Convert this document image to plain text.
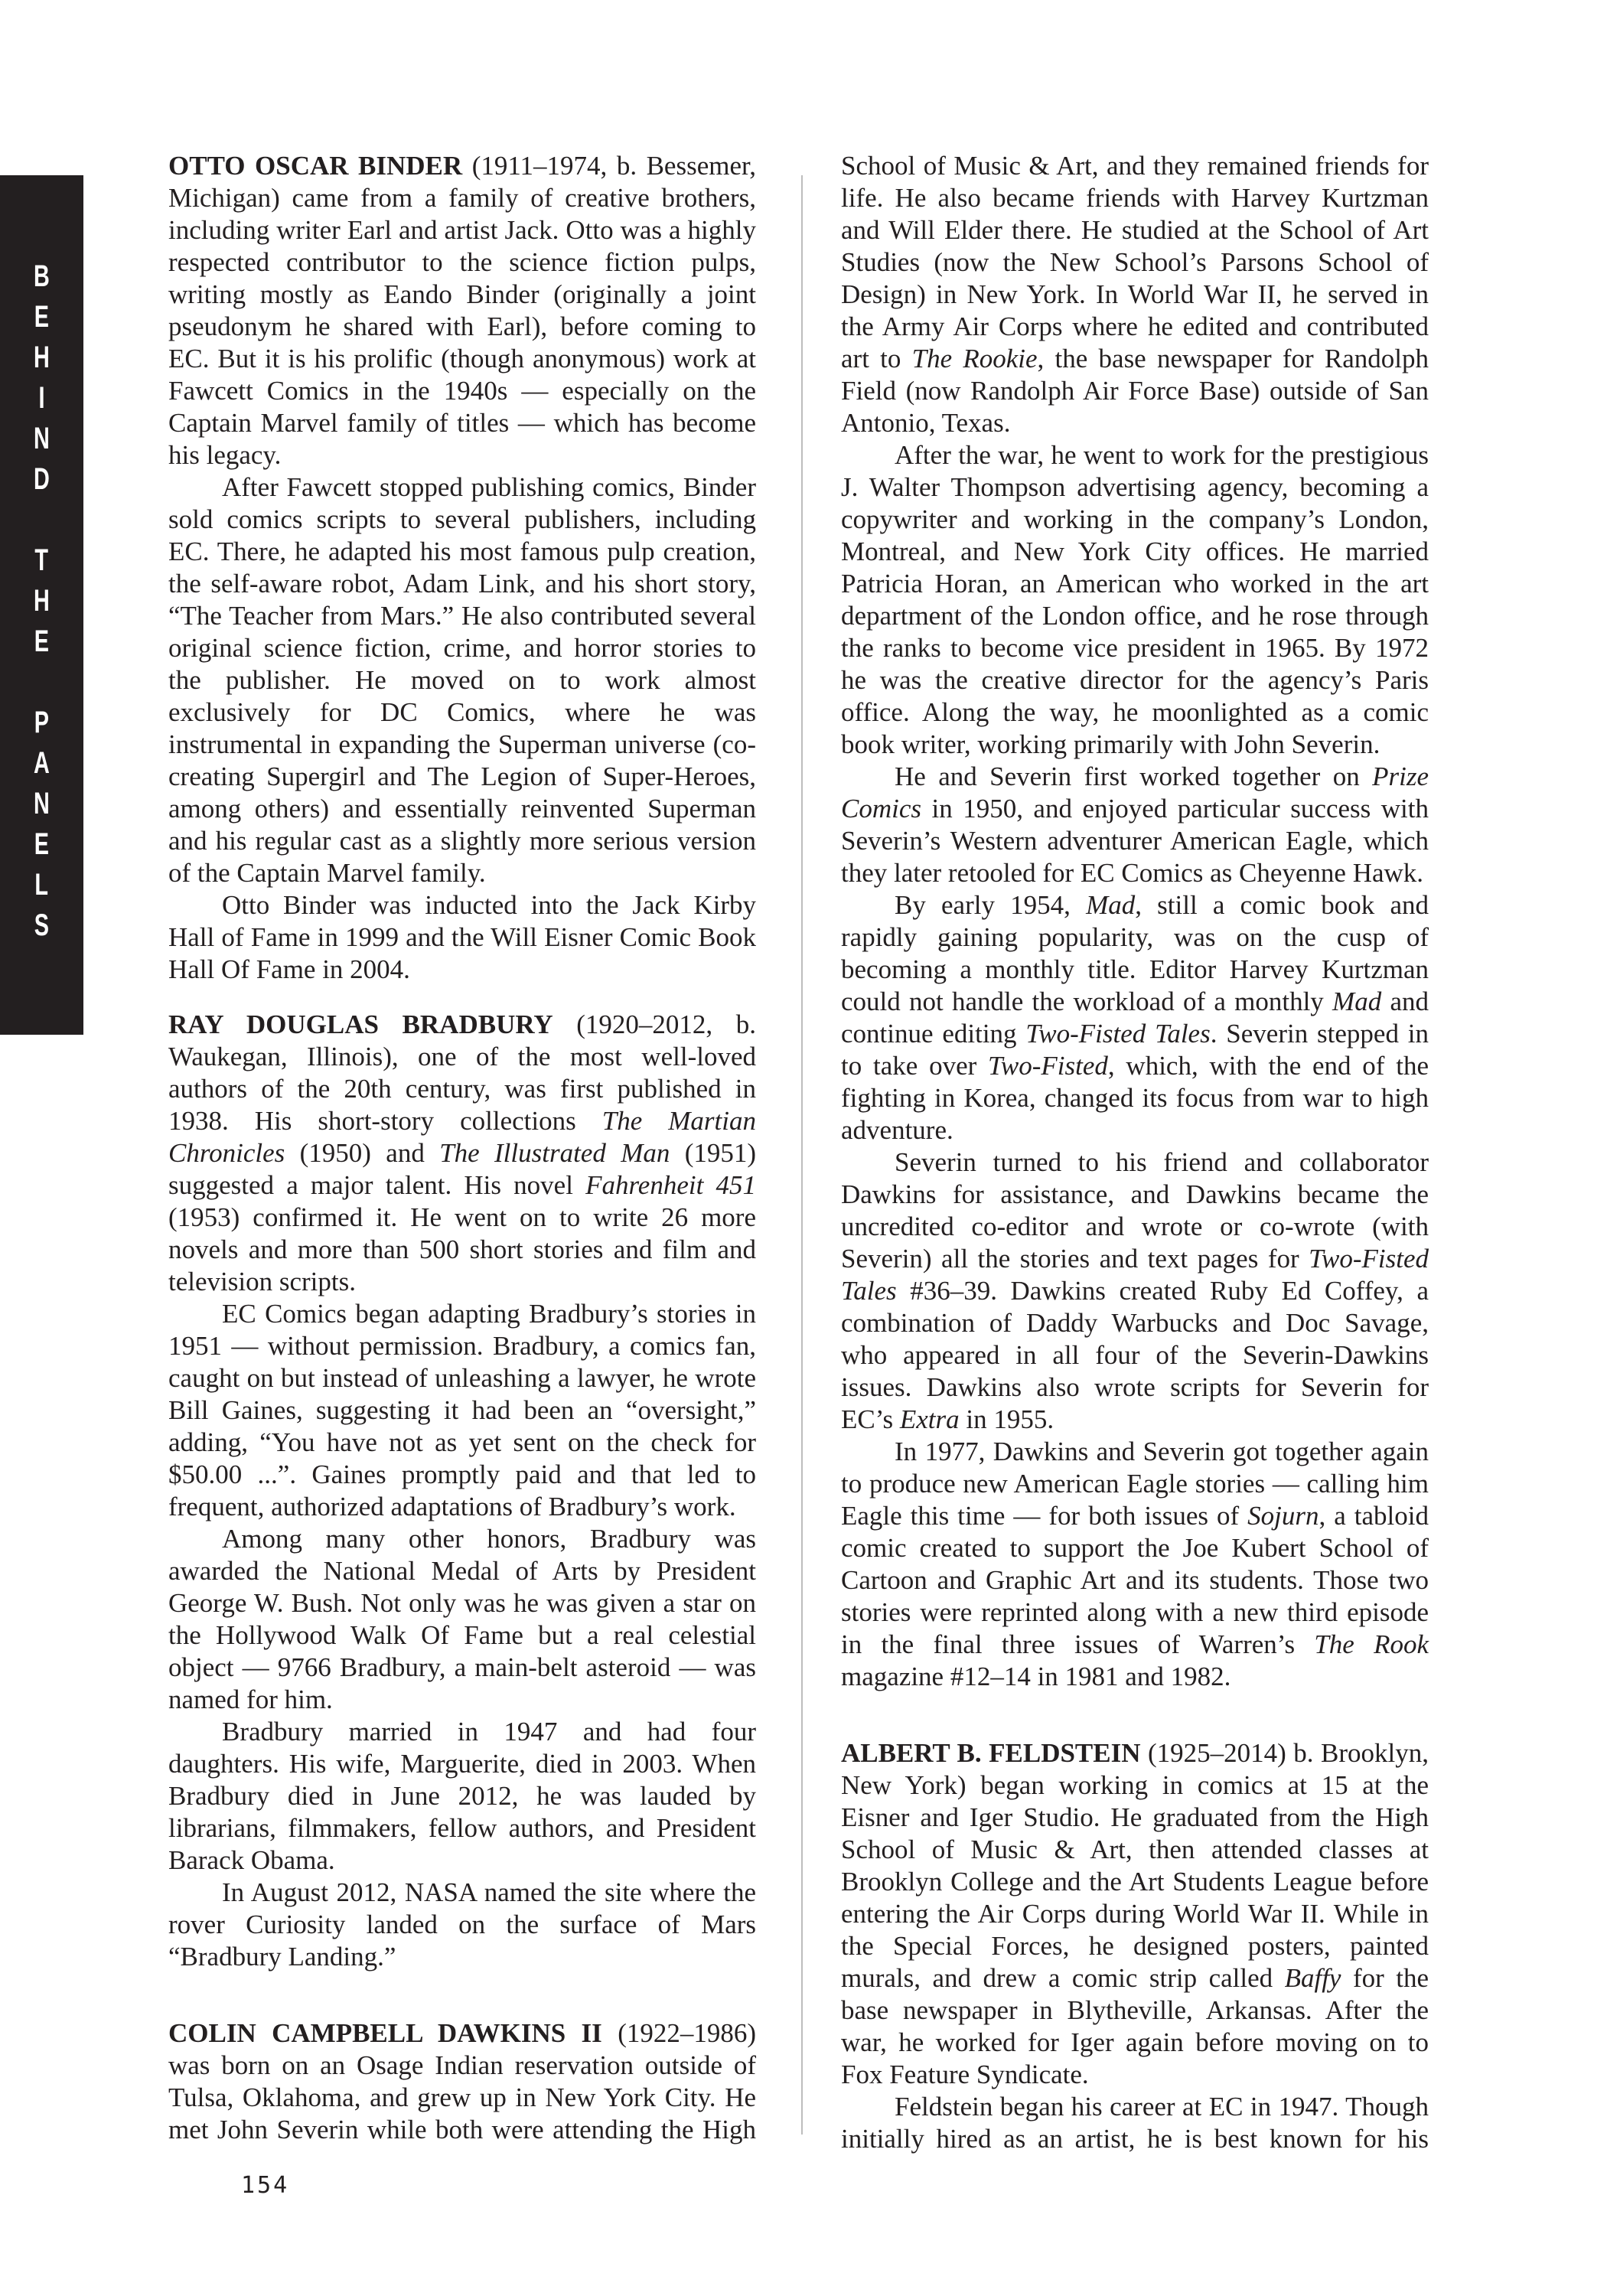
B
E
H
I
N
D

T
H
E

P
A
N
E
L
S

OTTO OSCAR BINDER (1911–1974, b. Bessemer, Michigan) came from a family of creative brothers, including writer Earl and artist Jack. Otto was a highly respected contributor to the science fiction pulps, writing mostly as Eando Binder (originally a joint pseudonym he shared with Earl), before coming to EC. But it is his prolific (though anonymous) work at Fawcett Comics in the 1940s — especially on the Captain Marvel family of titles — which has become his legacy.

After Fawcett stopped publishing comics, Binder sold comics scripts to several publishers, including EC. There, he adapted his most famous pulp creation, the self-aware robot, Adam Link, and his short story, “The Teacher from Mars.” He also contributed several original science fiction, crime, and horror stories to the publisher. He moved on to work almost exclusively for DC Comics, where he was instrumental in expanding the Superman universe (co-creating Supergirl and The Legion of Super-Heroes, among others) and essentially reinvented Superman and his regular cast as a slightly more serious version of the Captain Marvel family.

Otto Binder was inducted into the Jack Kirby Hall of Fame in 1999 and the Will Eisner Comic Book Hall Of Fame in 2004.

RAY DOUGLAS BRADBURY (1920–2012, b. Waukegan, Illinois), one of the most well-loved authors of the 20th century, was first published in 1938. His short-story collections The Martian Chronicles (1950) and The Illustrated Man (1951) suggested a major talent. His novel Fahrenheit 451 (1953) confirmed it. He went on to write 26 more novels and more than 500 short stories and film and television scripts.

EC Comics began adapting Bradbury’s stories in 1951 — without permission. Bradbury, a comics fan, caught on but instead of unleashing a lawyer, he wrote Bill Gaines, suggesting it had been an “oversight,” adding, “You have not as yet sent on the check for $50.00 ...”. Gaines promptly paid and that led to frequent, authorized adaptations of Bradbury’s work.

Among many other honors, Bradbury was awarded the National Medal of Arts by President George W. Bush. Not only was he was given a star on the Hollywood Walk Of Fame but a real celestial object — 9766 Bradbury, a main-belt asteroid — was named for him.

Bradbury married in 1947 and had four daughters. His wife, Marguerite, died in 2003. When Bradbury died in June 2012, he was lauded by librarians, filmmakers, fellow authors, and President Barack Obama.

In August 2012, NASA named the site where the rover Curiosity landed on the surface of Mars “Bradbury Landing.”

COLIN CAMPBELL DAWKINS II (1922–1986) was born on an Osage Indian reservation outside of Tulsa, Oklahoma, and grew up in New York City. He met John Severin while both were attending the High

School of Music & Art, and they remained friends for life. He also became friends with Harvey Kurtzman and Will Elder there. He studied at the School of Art Studies (now the New School’s Parsons School of Design) in New York. In World War II, he served in the Army Air Corps where he edited and contributed art to The Rookie, the base newspaper for Randolph Field (now Randolph Air Force Base) outside of San Antonio, Texas.

After the war, he went to work for the prestigious J. Walter Thompson advertising agency, becoming a copywriter and working in the company’s London, Montreal, and New York City offices. He married Patricia Horan, an American who worked in the art department of the London office, and he rose through the ranks to become vice president in 1965. By 1972 he was the creative director for the agency’s Paris office. Along the way, he moonlighted as a comic book writer, working primarily with John Severin.

He and Severin first worked together on Prize Comics in 1950, and enjoyed particular success with Severin’s Western adventurer American Eagle, which they later retooled for EC Comics as Cheyenne Hawk.

By early 1954, Mad, still a comic book and rapidly gaining popularity, was on the cusp of becoming a monthly title. Editor Harvey Kurtzman could not handle the workload of a monthly Mad and continue editing Two-Fisted Tales. Severin stepped in to take over Two-Fisted, which, with the end of the fighting in Korea, changed its focus from war to high adventure.

Severin turned to his friend and collaborator Dawkins for assistance, and Dawkins became the uncredited co-editor and wrote or co-wrote (with Severin) all the stories and text pages for Two-Fisted Tales #36–39. Dawkins created Ruby Ed Coffey, a combination of Daddy Warbucks and Doc Savage, who appeared in all four of the Severin-Dawkins issues. Dawkins also wrote scripts for Severin for EC’s Extra in 1955.

In 1977, Dawkins and Severin got together again to produce new American Eagle stories — calling him Eagle this time — for both issues of Sojurn, a tabloid comic created to support the Joe Kubert School of Cartoon and Graphic Art and its students. Those two stories were reprinted along with a new third episode in the final three issues of Warren’s The Rook magazine #12–14 in 1981 and 1982.

ALBERT B. FELDSTEIN (1925–2014) b. Brooklyn, New York) began working in comics at 15 at the Eisner and Iger Studio. He graduated from the High School of Music & Art, then attended classes at Brooklyn College and the Art Students League before entering the Air Corps during World War II. While in the Special Forces, he designed posters, painted murals, and drew a comic strip called Baffy for the base newspaper in Blytheville, Arkansas. After the war, he worked for Iger again before moving on to Fox Feature Syndicate.

Feldstein began his career at EC in 1947. Though initially hired as an artist, he is best known for his

154
